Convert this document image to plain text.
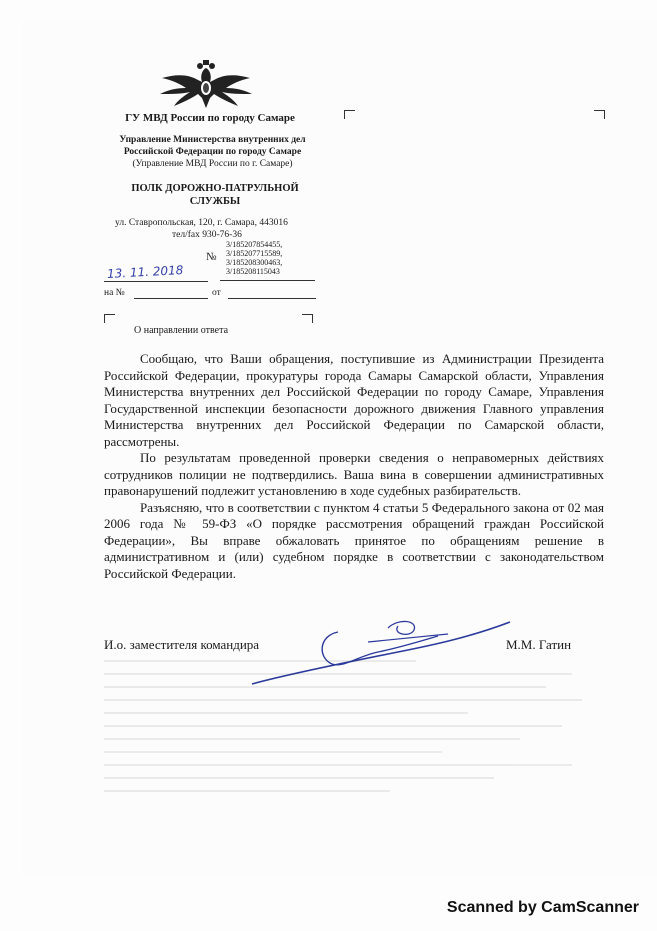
ГУ МВД России по городу Самаре
Управление Министерства внутренних дел
Российской Федерации по городу Самаре
(Управление МВД России по г. Самаре)
ПОЛК ДОРОЖНО-ПАТРУЛЬНОЙ
СЛУЖБЫ
ул. Ставропольская, 120, г. Самара, 443016
тел/fax 930-76-36
№
3/185207854455,
3/185207715589,
3/185208300463,
3/185208115043
13. 11. 2018
на №	от
О направлении ответа

Сообщаю, что Ваши обращения, поступившие из Администрации Президента Российской Федерации, прокуратуры города Самары Самарской области, Управления Министерства внутренних дел Российской Федерации по городу Самаре, Управления Государственной инспекции безопасности дорожного движения Главного управления Министерства внутренних дел Российской Федерации по Самарской области, рассмотрены.

По результатам проведенной проверки сведения о неправомерных действиях сотрудников полиции не подтвердились. Ваша вина в совершении административных правонарушений подлежит установлению в ходе судебных разбирательств.

Разъясняю, что в соответствии с пунктом 4 статьи 5 Федерального закона от 02 мая 2006 года № 59-ФЗ «О порядке рассмотрения обращений граждан Российской Федерации», Вы вправе обжаловать принятое по обращениям решение в административном и (или) судебном порядке в соответствии с законодательством Российской Федерации.

И.о. заместителя командира	М.М. Гатин
Scanned by CamScanner
